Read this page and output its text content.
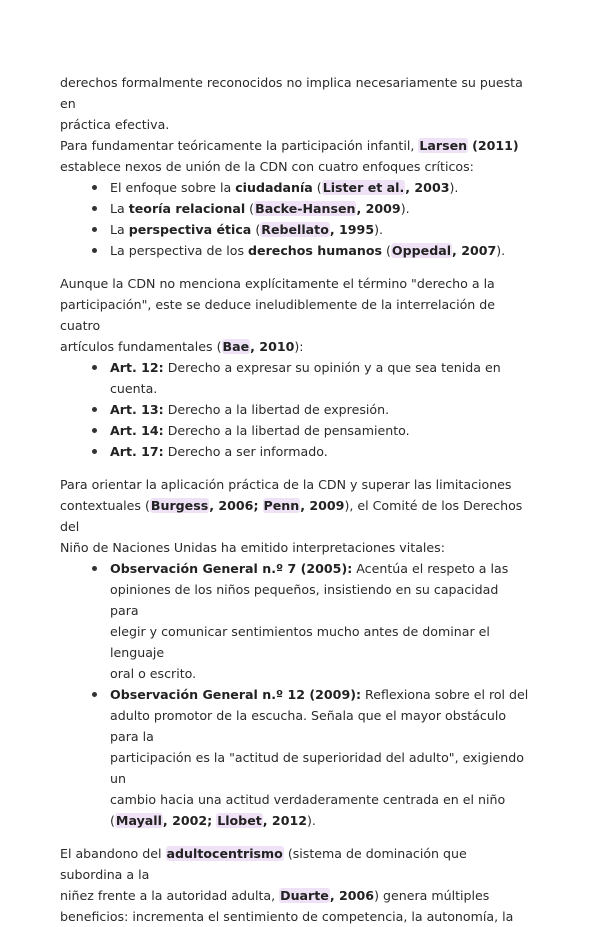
derechos formalmente reconocidos no implica necesariamente su puesta en
práctica efectiva.

Para fundamentar teóricamente la participación infantil, Larsen (2011)
establece nexos de unión de la CDN con cuatro enfoques críticos:

El enfoque sobre la ciudadanía (Lister et al., 2003).
La teoría relacional (Backe-Hansen, 2009).
La perspectiva ética (Rebellato, 1995).
La perspectiva de los derechos humanos (Oppedal, 2007).

Aunque la CDN no menciona explícitamente el término "derecho a la
participación", este se deduce ineludiblemente de la interrelación de cuatro
artículos fundamentales (Bae, 2010):

Art. 12: Derecho a expresar su opinión y a que sea tenida en
cuenta.
Art. 13: Derecho a la libertad de expresión.
Art. 14: Derecho a la libertad de pensamiento.
Art. 17: Derecho a ser informado.

Para orientar la aplicación práctica de la CDN y superar las limitaciones
contextuales (Burgess, 2006; Penn, 2009), el Comité de los Derechos del
Niño de Naciones Unidas ha emitido interpretaciones vitales:

Observación General n.º 7 (2005): Acentúa el respeto a las
opiniones de los niños pequeños, insistiendo en su capacidad para
elegir y comunicar sentimientos mucho antes de dominar el lenguaje
oral o escrito.
Observación General n.º 12 (2009): Reflexiona sobre el rol del
adulto promotor de la escucha. Señala que el mayor obstáculo para la
participación es la "actitud de superioridad del adulto", exigiendo un
cambio hacia una actitud verdaderamente centrada en el niño
(Mayall, 2002; Llobet, 2012).

El abandono del adultocentrismo (sistema de dominación que subordina a la
niñez frente a la autoridad adulta, Duarte, 2006) genera múltiples
beneficios: incrementa el sentimiento de competencia, la autonomía, la
